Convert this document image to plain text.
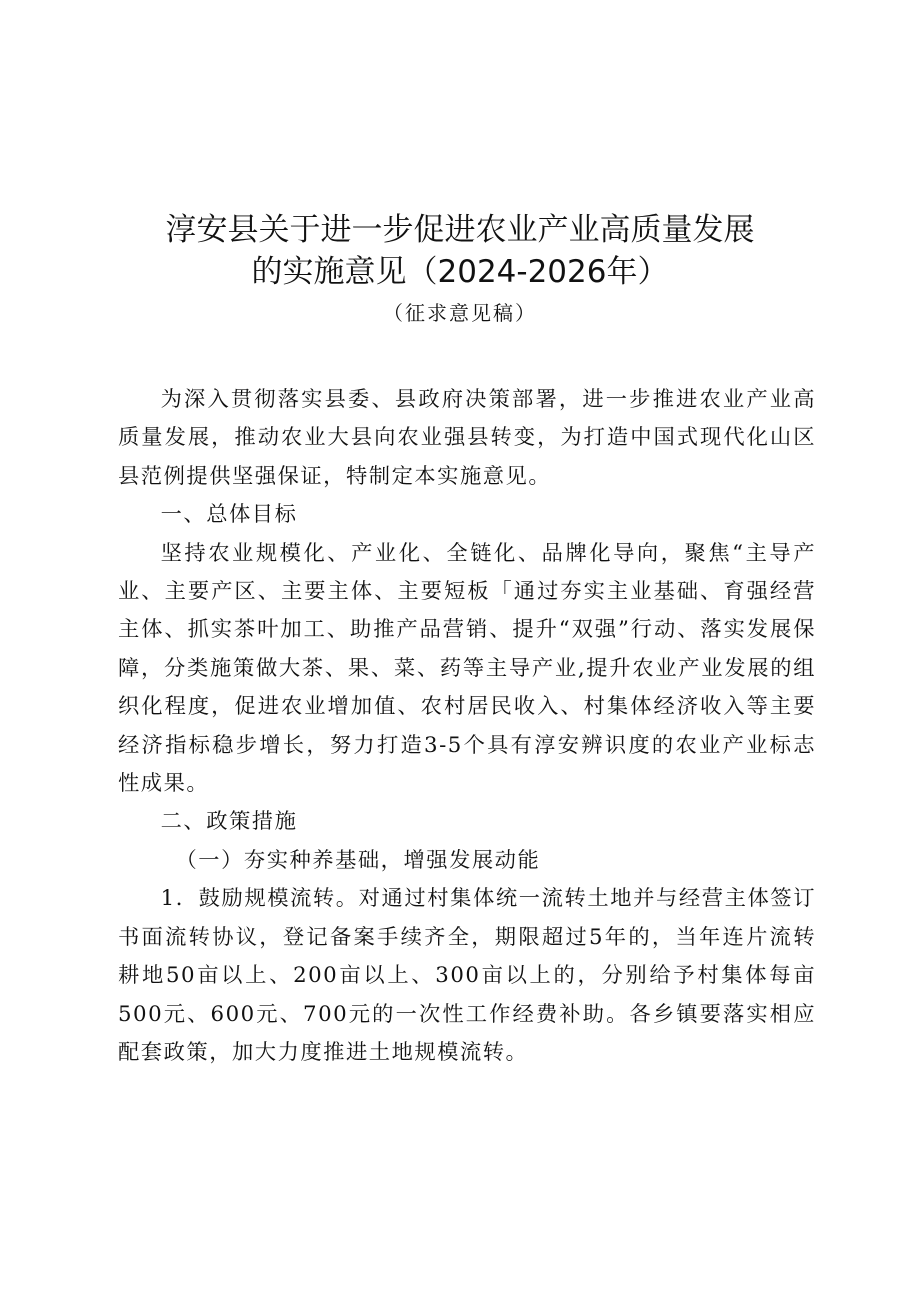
淳安县关于进一步促进农业产业高质量发展
的实施意见（2024-2026年）
（征求意见稿）

为深入贯彻落实县委、县政府决策部署，进一步推进农业产业高质量发展，推动农业大县向农业强县转变，为打造中国式现代化山区县范例提供坚强保证，特制定本实施意见。

一、总体目标

坚持农业规模化、产业化、全链化、品牌化导向，聚焦“主导产业、主要产区、主要主体、主要短板「通过夯实主业基础、育强经营主体、抓实茶叶加工、助推产品营销、提升“双强”行动、落实发展保障，分类施策做大茶、果、菜、药等主导产业,提升农业产业发展的组织化程度，促进农业增加值、农村居民收入、村集体经济收入等主要经济指标稳步增长，努力打造3-5个具有淳安辨识度的农业产业标志性成果。

二、政策措施

（一）夯实种养基础，增强发展动能

1．鼓励规模流转。对通过村集体统一流转土地并与经营主体签订书面流转协议，登记备案手续齐全，期限超过5年的，当年连片流转耕地50亩以上、200亩以上、300亩以上的，分别给予村集体每亩500元、600元、700元的一次性工作经费补助。各乡镇要落实相应配套政策，加大力度推进土地规模流转。
